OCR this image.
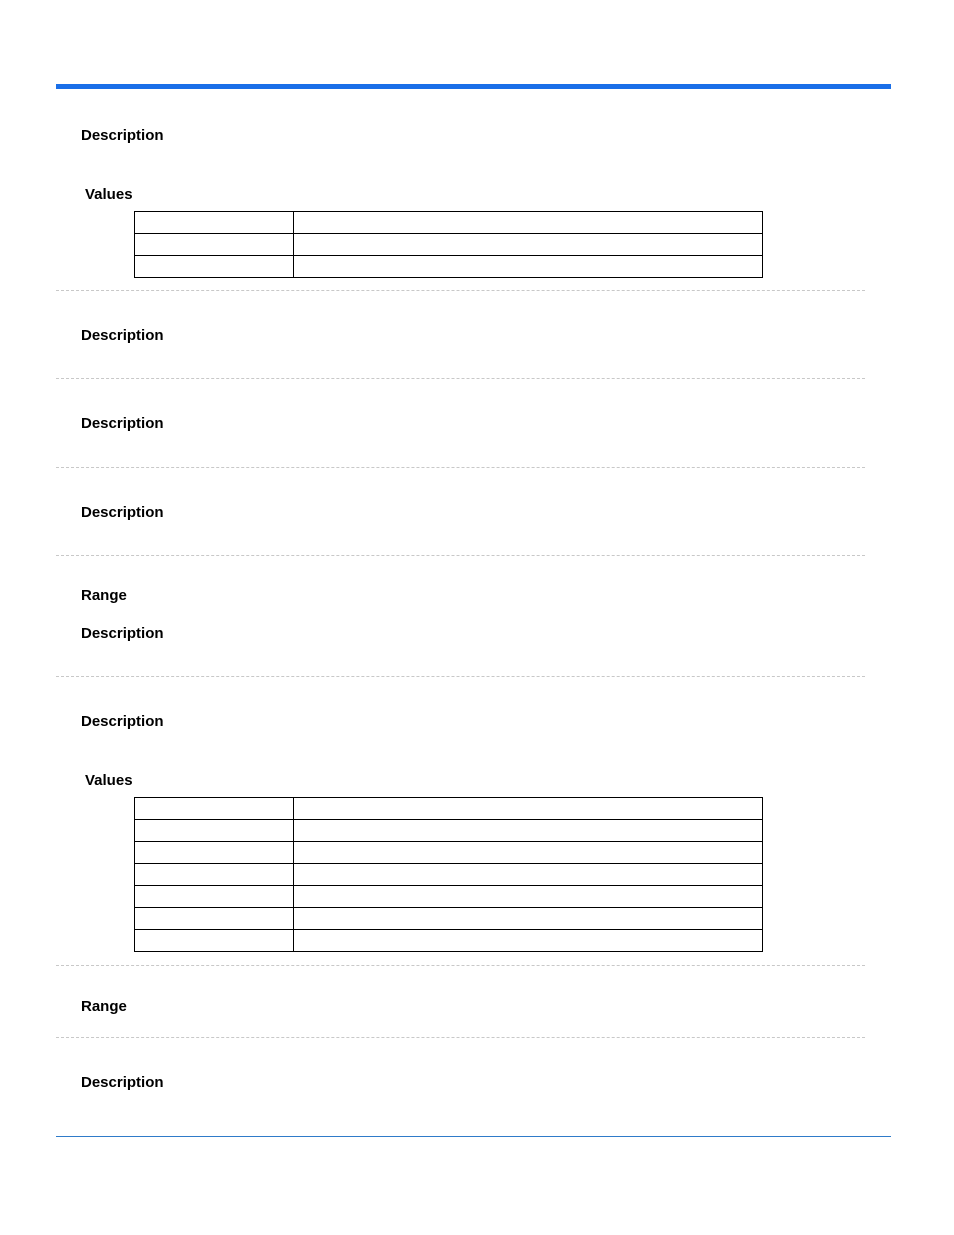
Description
Values

Description
Description
Description
Range
Description
Description
Values

Range
Description
